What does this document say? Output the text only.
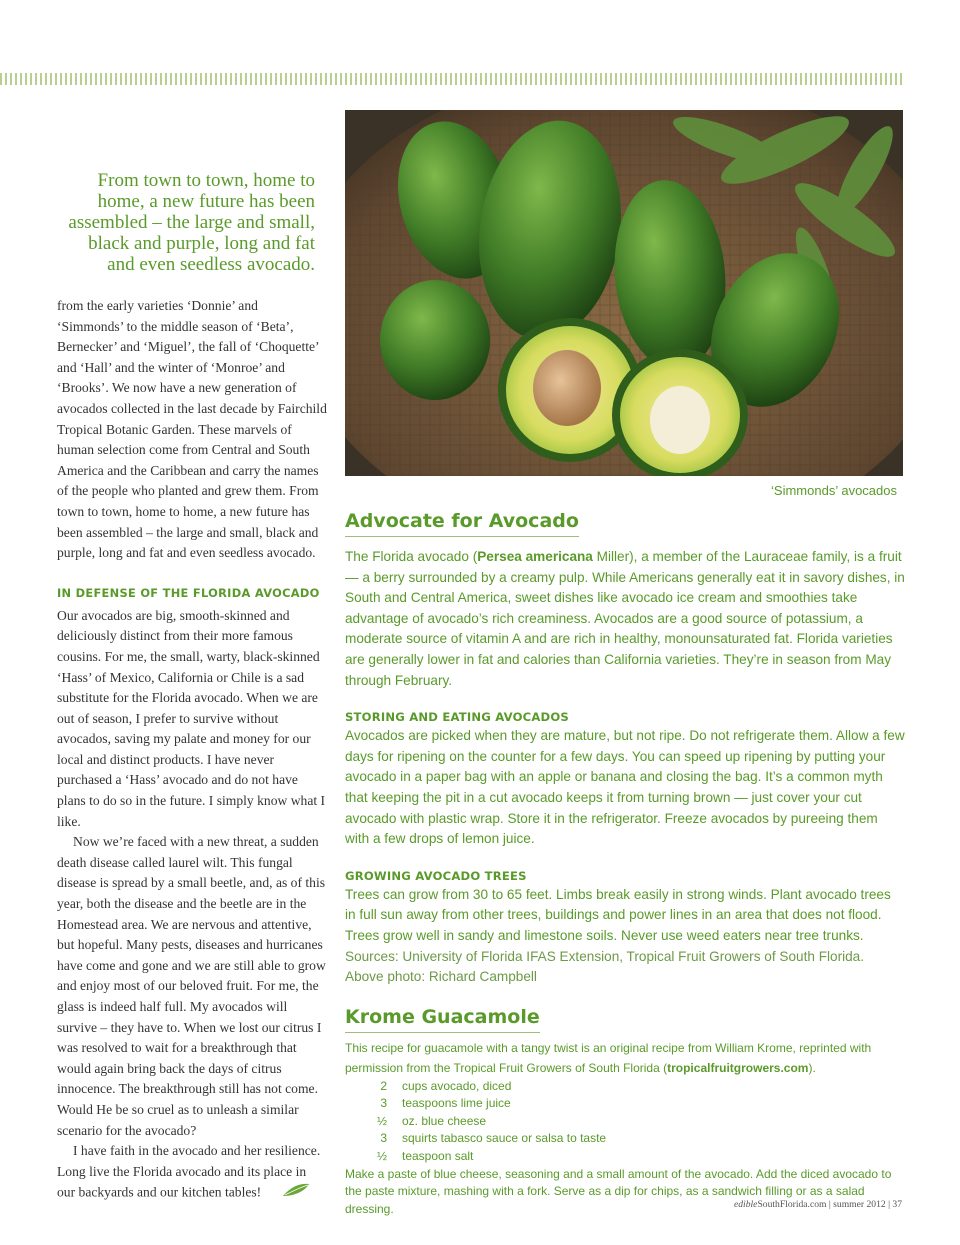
From town to town, home to home, a new future has been assembled – the large and small, black and purple, long and fat and even seedless avocado.

from the early varieties ‘Donnie’ and ‘Simmonds’ to the middle season of ‘Beta’, Bernecker’ and ‘Miguel’, the fall of ‘Choquette’ and ‘Hall’ and the winter of ‘Monroe’ and ‘Brooks’. We now have a new generation of avocados collected in the last decade by Fairchild Tropical Botanic Garden. These marvels of human selection come from Central and South America and the Caribbean and carry the names of the people who planted and grew them. From town to town, home to home, a new future has been assembled – the large and small, black and purple, long and fat and even seedless avocado.

IN DEFENSE OF THE FLORIDA AVOCADO

Our avocados are big, smooth-skinned and deliciously distinct from their more famous cousins. For me, the small, warty, black-skinned ‘Hass’ of Mexico, California or Chile is a sad substitute for the Florida avocado. When we are out of season, I prefer to survive without avocados, saving my palate and money for our local and distinct products. I have never purchased a ‘Hass’ avocado and do not have plans to do so in the future. I simply know what I like.

Now we’re faced with a new threat, a sudden death disease called laurel wilt. This fungal disease is spread by a small beetle, and, as of this year, both the disease and the beetle are in the Homestead area. We are nervous and attentive, but hopeful. Many pests, diseases and hurricanes have come and gone and we are still able to grow and enjoy most of our beloved fruit. For me, the glass is indeed half full. My avocados will survive – they have to. When we lost our citrus I was resolved to wait for a breakthrough that would again bring back the days of citrus innocence. The breakthrough still has not come. Would He be so cruel as to unleash a similar scenario for the avocado?

I have faith in the avocado and her resilience. Long live the Florida avocado and its place in our backyards and our kitchen tables!

‘Simmonds’ avocados
Advocate for Avocado

The Florida avocado (Persea americana Miller), a member of the Lauraceae family, is a fruit — a berry surrounded by a creamy pulp. While Americans generally eat it in savory dishes, in South and Central America, sweet dishes like avocado ice cream and smoothies take advantage of avocado’s rich creaminess. Avocados are a good source of potassium, a moderate source of vitamin A and are rich in healthy, monounsaturated fat. Florida varieties are generally lower in fat and calories than California varieties. They’re in season from May through February.

STORING AND EATING AVOCADOS

Avocados are picked when they are mature, but not ripe. Do not refrigerate them. Allow a few days for ripening on the counter for a few days. You can speed up ripening by putting your avocado in a paper bag with an apple or banana and closing the bag. It’s a common myth that keeping the pit in a cut avocado keeps it from turning brown — just cover your cut avocado with plastic wrap. Store it in the refrigerator. Freeze avocados by pureeing them with a few drops of lemon juice.

GROWING AVOCADO TREES

Trees can grow from 30 to 65 feet. Limbs break easily in strong winds. Plant avocado trees in full sun away from other trees, buildings and power lines in an area that does not flood. Trees grow well in sandy and limestone soils. Never use weed eaters near tree trunks.

Sources: University of Florida IFAS Extension, Tropical Fruit Growers of South Florida. Above photo: Richard Campbell

Krome Guacamole

This recipe for guacamole with a tangy twist is an original recipe from William Krome, reprinted with permission from the Tropical Fruit Growers of South Florida (tropicalfruitgrowers.com).

2	cups avocado, diced
3	teaspoons lime juice
½	oz. blue cheese
3	squirts tabasco sauce or salsa to taste
½	teaspoon salt

Make a paste of blue cheese, seasoning and a small amount of the avocado. Add the diced avocado to the paste mixture, mashing with a fork. Serve as a dip for chips, as a sandwich filling or as a salad dressing.	edibleSouthFlorida.com | summer 2012 | 37
